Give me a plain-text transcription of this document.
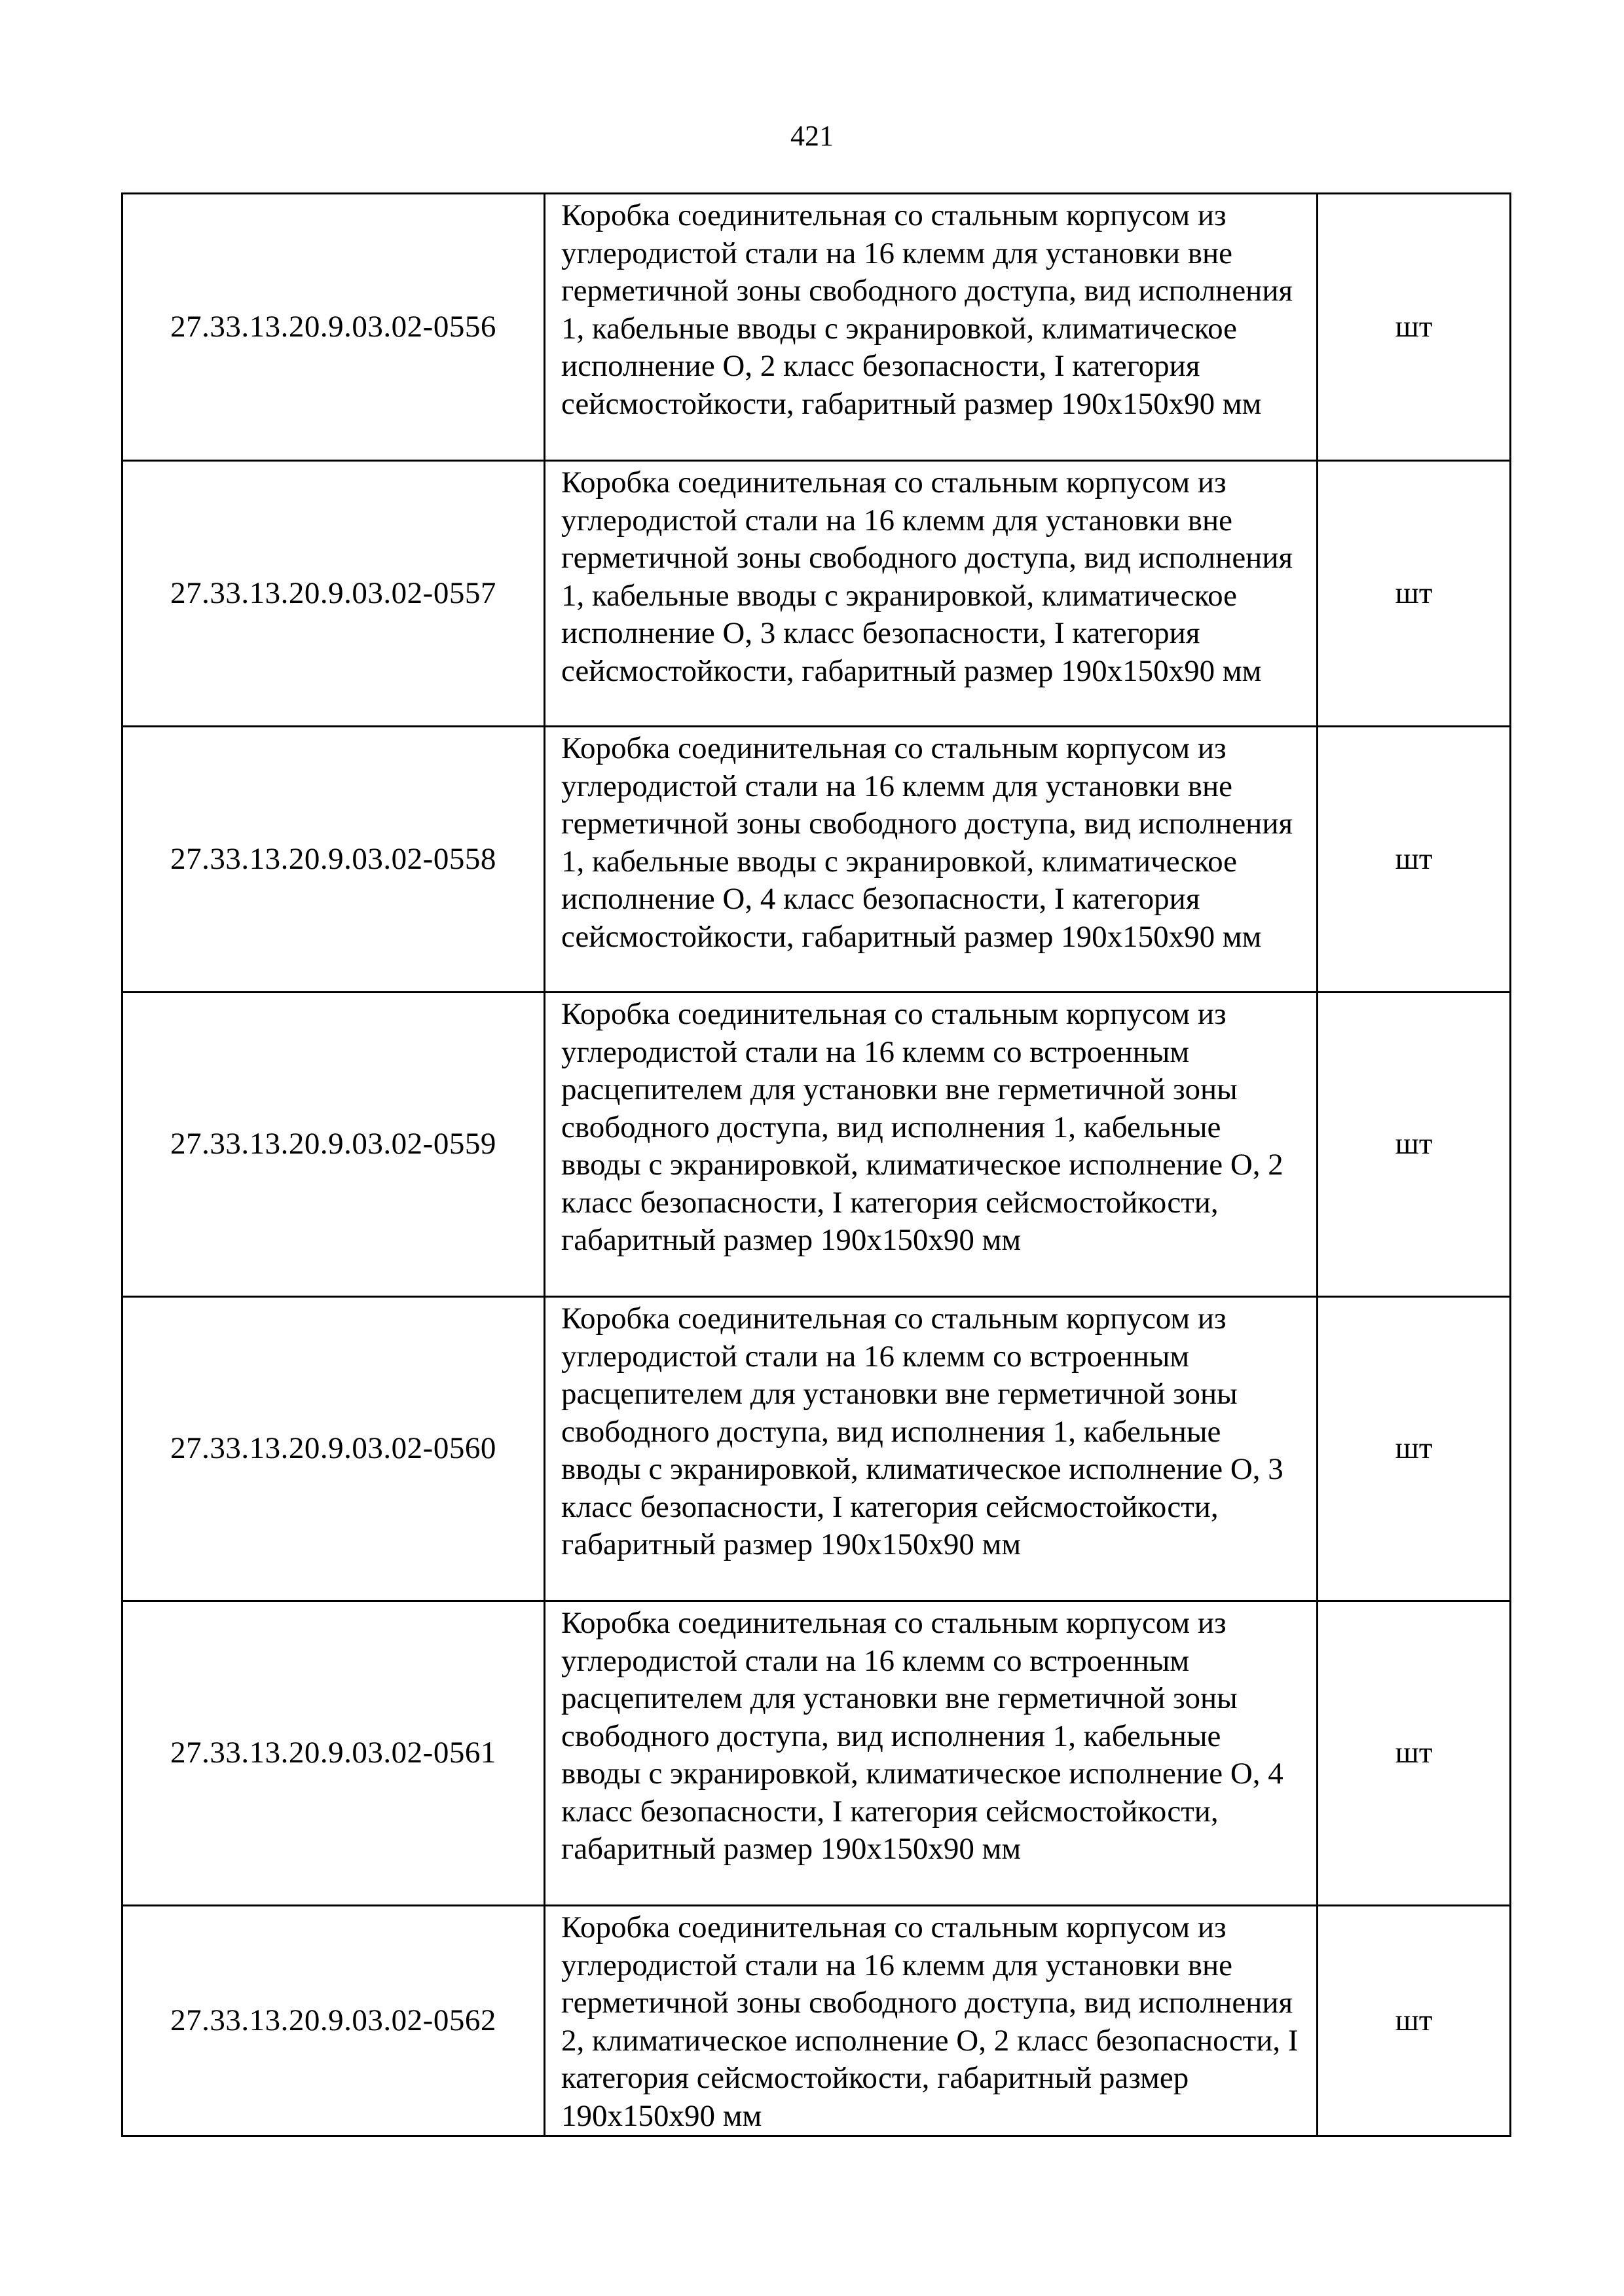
421
27.33.13.20.9.03.02-0556	Коробка соединительная со стальным корпусом из углеродистой стали на 16 клемм для установки вне герметичной зоны свободного доступа, вид исполнения 1, кабельные вводы с экранировкой, климатическое исполнение О, 2 класс безопасности, I категория сейсмостойкости, габаритный размер 190х150х90 мм	шт
27.33.13.20.9.03.02-0557	Коробка соединительная со стальным корпусом из углеродистой стали на 16 клемм для установки вне герметичной зоны свободного доступа, вид исполнения 1, кабельные вводы с экранировкой, климатическое исполнение О, 3 класс безопасности, I категория сейсмостойкости, габаритный размер 190х150х90 мм	шт
27.33.13.20.9.03.02-0558	Коробка соединительная со стальным корпусом из углеродистой стали на 16 клемм для установки вне герметичной зоны свободного доступа, вид исполнения 1, кабельные вводы с экранировкой, климатическое исполнение О, 4 класс безопасности, I категория сейсмостойкости, габаритный размер 190х150х90 мм	шт
27.33.13.20.9.03.02-0559	Коробка соединительная со стальным корпусом из углеродистой стали на 16 клемм со встроенным расцепителем для установки вне герметичной зоны свободного доступа, вид исполнения 1, кабельные вводы с экранировкой, климатическое исполнение О, 2 класс безопасности, I категория сейсмостойкости, габаритный размер 190х150х90 мм	шт
27.33.13.20.9.03.02-0560	Коробка соединительная со стальным корпусом из углеродистой стали на 16 клемм со встроенным расцепителем для установки вне герметичной зоны свободного доступа, вид исполнения 1, кабельные вводы с экранировкой, климатическое исполнение О, 3 класс безопасности, I категория сейсмостойкости, габаритный размер 190х150х90 мм	шт
27.33.13.20.9.03.02-0561	Коробка соединительная со стальным корпусом из углеродистой стали на 16 клемм со встроенным расцепителем для установки вне герметичной зоны свободного доступа, вид исполнения 1, кабельные вводы с экранировкой, климатическое исполнение О, 4 класс безопасности, I категория сейсмостойкости, габаритный размер 190х150х90 мм	шт
27.33.13.20.9.03.02-0562	Коробка соединительная со стальным корпусом из углеродистой стали на 16 клемм для установки вне герметичной зоны свободного доступа, вид исполнения 2, климатическое исполнение О, 2 класс безопасности, I категория сейсмостойкости, габаритный размер 190х150х90 мм	шт
